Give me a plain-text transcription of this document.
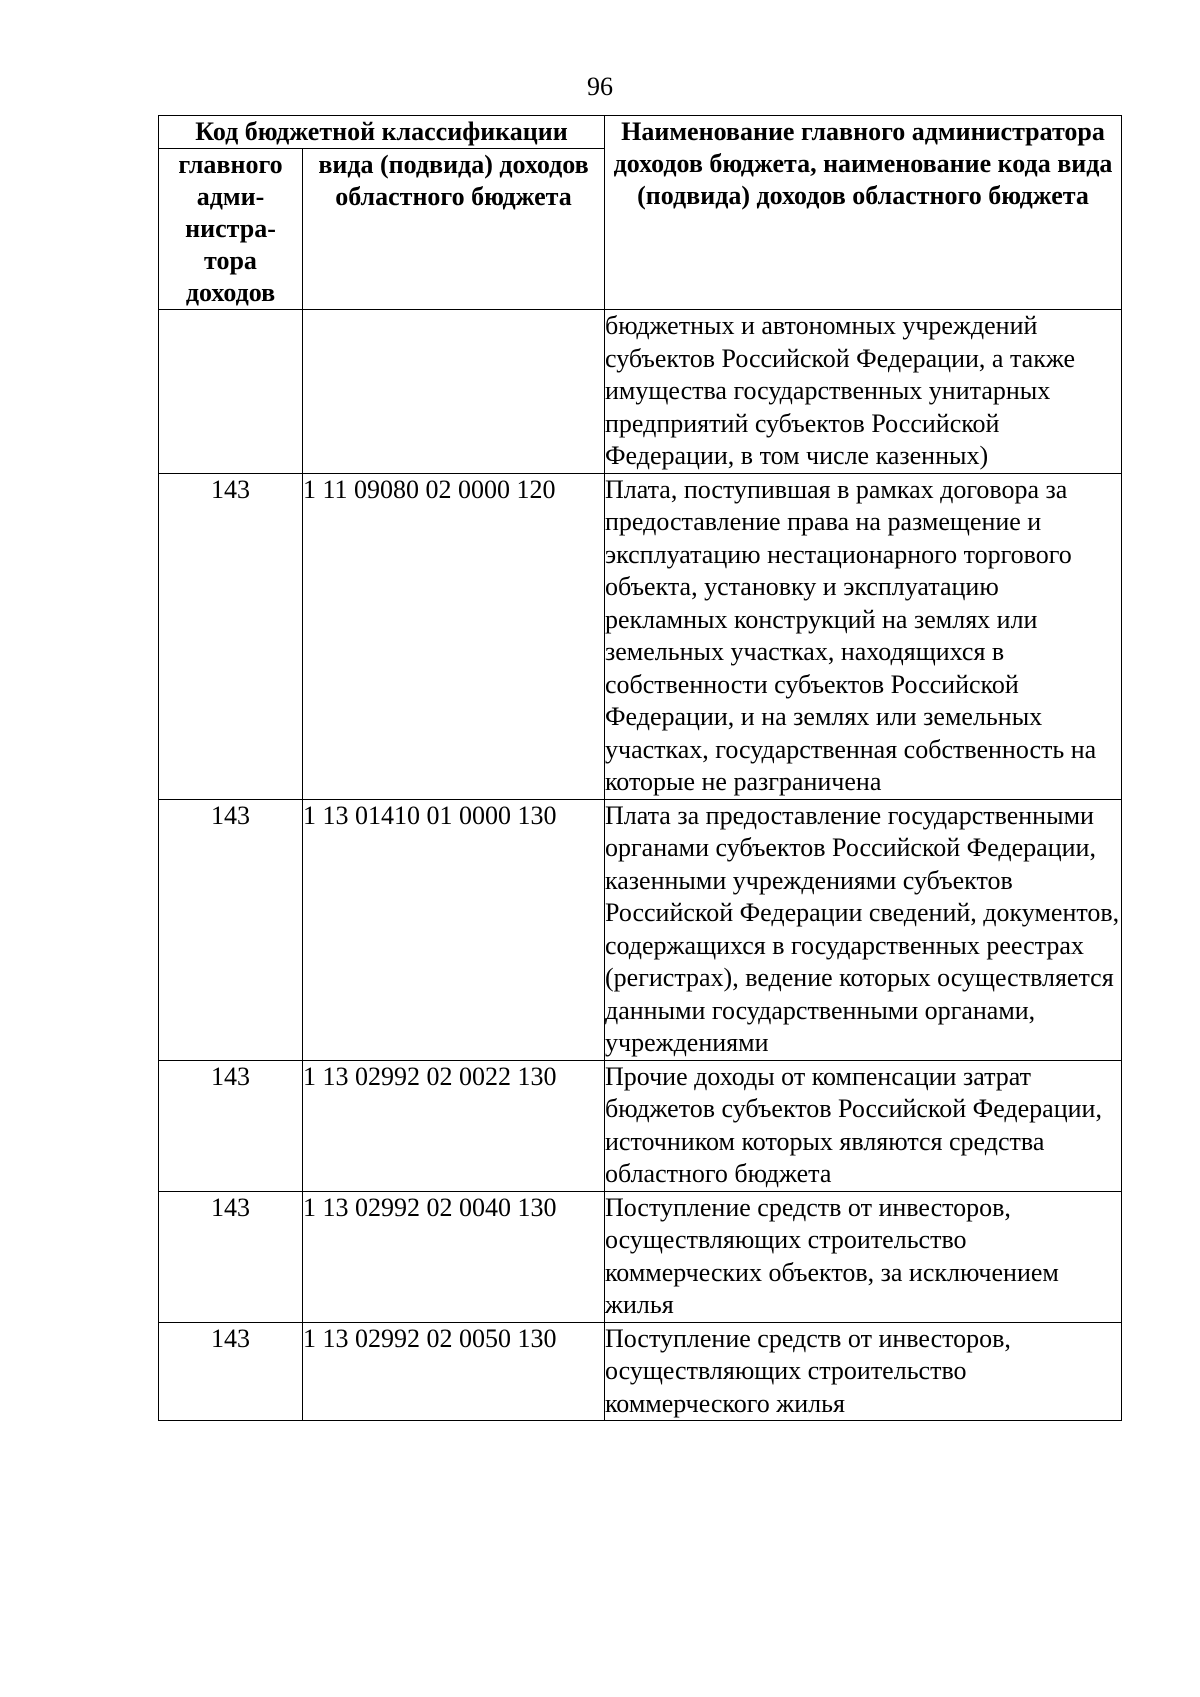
96
Код бюджетной классификации		Наименование главного администратора доходов бюджета, наименование кода вида (подвида) доходов областного бюджета
главного адми-нистра-тора доходов	вида (подвида) доходов областного бюджета	
		бюджетных и автономных учреждений субъектов Российской Федерации, а также имущества государственных унитарных предприятий субъектов Российской Федерации, в том числе казенных)
143	1 11 09080 02 0000 120	Плата, поступившая в рамках договора за предоставление права на размещение и эксплуатацию нестационарного торгового объекта, установку и эксплуатацию рекламных конструкций на землях или земельных участках, находящихся в собственности субъектов Российской Федерации, и на землях или земельных участках, государственная собственность на которые не разграничена
143	1 13 01410 01 0000 130	Плата за предоставление государственными органами субъектов Российской Федерации, казенными учреждениями субъектов Российской Федерации сведений, документов, содержащихся в государственных реестрах (регистрах), ведение которых осуществляется данными государственными органами, учреждениями
143	1 13 02992 02 0022 130	Прочие доходы от компенсации затрат бюджетов субъектов Российской Федерации, источником которых являются средства областного бюджета
143	1 13 02992 02 0040 130	Поступление средств от инвесторов, осуществляющих строительство коммерческих объектов, за исключением жилья
143	1 13 02992 02 0050 130	Поступление средств от инвесторов, осуществляющих строительство коммерческого жилья
